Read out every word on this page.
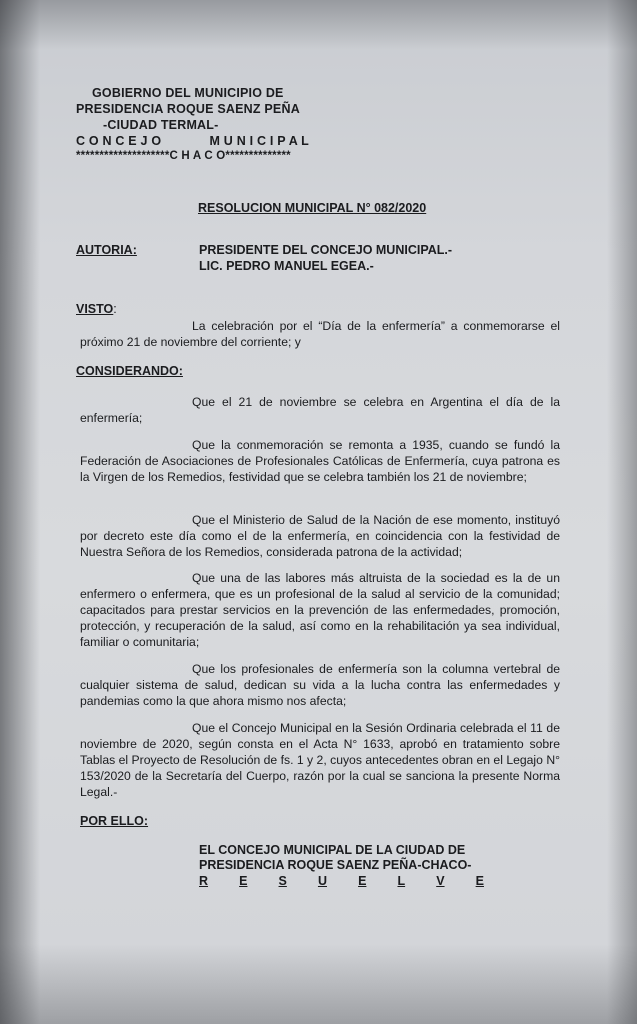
GOBIERNO DEL MUNICIPIO DE
PRESIDENCIA ROQUE SAENZ PEÑA
-CIUDAD TERMAL-
C O N C E J O	M U N I C I P A L
********************C H A C O**************
RESOLUCION MUNICIPAL N° 082/2020
AUTORIA:	PRESIDENTE DEL CONCEJO MUNICIPAL.-
LIC. PEDRO MANUEL EGEA.-
VISTO:
La celebración por el “Día de la enfermería” a conmemorarse el próximo 21 de noviembre del corriente; y
CONSIDERANDO:
Que el 21 de noviembre se celebra en Argentina el día de la enfermería;
Que la conmemoración se remonta a 1935, cuando se fundó la Federación de Asociaciones de Profesionales Católicas de Enfermería, cuya patrona es la Virgen de los Remedios, festividad que se celebra también los 21 de noviembre;
Que el Ministerio de Salud de la Nación de ese momento, instituyó por decreto este día como el de la enfermería, en coincidencia con la festividad de Nuestra Señora de los Remedios, considerada patrona de la actividad;
Que una de las labores más altruista de la sociedad es la de un enfermero o enfermera, que es un profesional de la salud al servicio de la comunidad; capacitados para prestar servicios en la prevención de las enfermedades, promoción, protección, y recuperación de la salud, así como en la rehabilitación ya sea individual, familiar o comunitaria;
Que los profesionales de enfermería son la columna vertebral de cualquier sistema de salud, dedican su vida a la lucha contra las enfermedades y pandemias como la que ahora mismo nos afecta;
Que el Concejo Municipal en la Sesión Ordinaria celebrada el 11 de noviembre de 2020, según consta en el Acta N° 1633, aprobó en tratamiento sobre Tablas el Proyecto de Resolución de fs. 1 y 2, cuyos antecedentes obran en el Legajo N° 153/2020 de la Secretaría del Cuerpo, razón por la cual se sanciona la presente Norma Legal.-
POR ELLO:
EL CONCEJO MUNICIPAL DE LA CIUDAD DE
PRESIDENCIA ROQUE SAENZ PEÑA-CHACO-
R E S U E L V E
